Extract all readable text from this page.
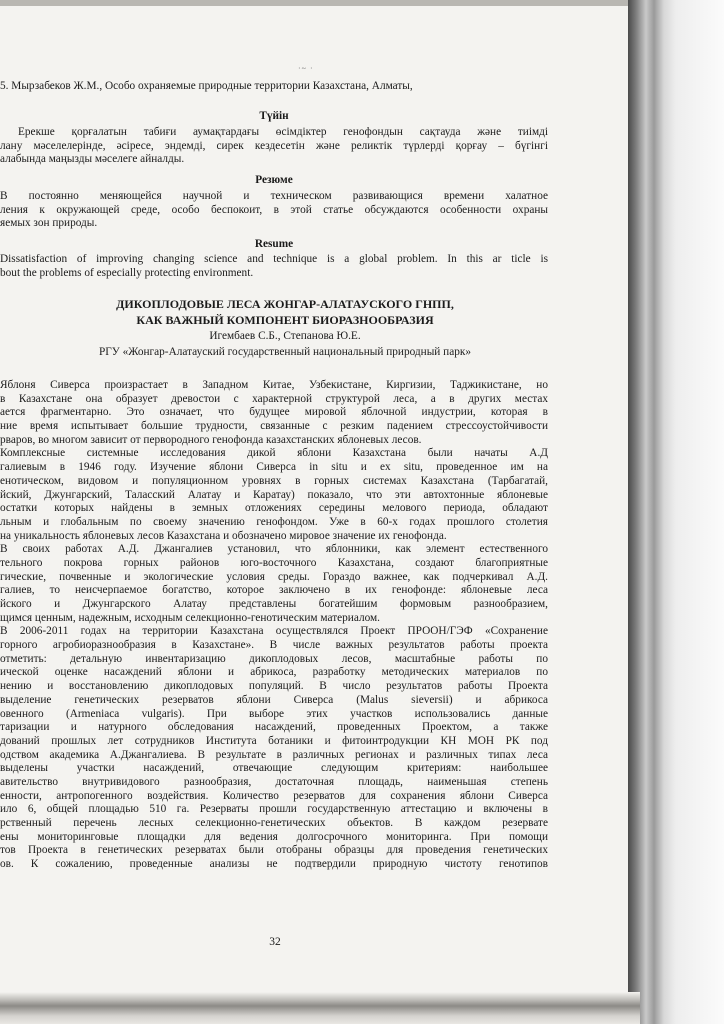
·~ ·
5. Мырзабеков Ж.М., Особо охраняемые природные территории Казахстана, Алматы,
Түйін
Ерекше қорғалатын табиғи аумақтардағы өсімдіктер генофондын сақтауда және тиімді
лану мәселелерінде, әсіресе, эндемді, сирек кездесетін және реликтік түрлерді қорғау – бүгінгі
алабында маңызды мәселеге айналды.
Резюме
В постоянно меняющейся научной и техническом развивающися времени халатное
ления к окружающей среде, особо беспокоит, в этой статье обсуждаются особенности охраны
яемых зон природы.
Resume
Dissatisfaction of improving changing science and technique is a global problem. In this ar ticle is
bout the problems of especially protecting environment.
ДИКОПЛОДОВЫЕ ЛЕСА ЖОНГАР-АЛАТАУСКОГО ГНПП,
КАК ВАЖНЫЙ КОМПОНЕНТ БИОРАЗНООБРАЗИЯ
Игембаев С.Б., Степанова Ю.Е.
РГУ «Жонгар-Алатауский государственный национальный природный парк»
Яблоня Сиверса произрастает в Западном Китае, Узбекистане, Киргизии, Таджикистане, но
в Казахстане она образует древостои с характерной структурой леса, а в других местах
ается фрагментарно. Это означает, что будущее мировой яблочной индустрии, которая в
ние время испытывает большие трудности, связанные с резким падением стрессоустойчивости
рваров, во многом зависит от первородного генофонда казахстанских яблоневых лесов.
Комплексные системные исследования дикой яблони Казахстана были начаты А.Д
галиевым в 1946 году. Изучение яблони Сиверса in situ и ex situ, проведенное им на
енотическом, видовом и популяционном уровнях в горных системах Казахстана (Тарбагатай,
йский, Джунгарский, Таласский Алатау и Каратау) показало, что эти автохтонные яблоневые
остатки которых найдены в земных отложениях середины мелового периода, обладают
льным и глобальным по своему значению генофондом. Уже в 60-х годах прошлого столетия
на уникальность яблоневых лесов Казахстана и обозначено мировое значение их генофонда.
В своих работах А.Д. Джангалиев установил, что яблонники, как элемент естественного
тельного покрова горных районов юго-восточного Казахстана, создают благоприятные
гические, почвенные и экологические условия среды. Гораздо важнее, как подчеркивал А.Д.
галиев, то неисчерпаемое богатство, которое заключено в их генофонде: яблоневые леса
йского и Джунгарского Алатау представлены богатейшим формовым разнообразием,
щимся ценным, надежным, исходным селекционно-генотическим материалом.
В 2006-2011 годах на территории Казахстана осуществлялся Проект ПРООН/ГЭФ «Сохранение
горного агробиоразнообразия в Казахстане». В числе важных результатов работы проекта
отметить: детальную инвентаризацию дикоплодовых лесов, масштабные работы по
ической оценке насаждений яблони и абрикоса, разработку методических материалов по
нению и восстановлению дикоплодовых популяций. В число результатов работы Проекта
выделение генетических резерватов яблони Сиверса (Malus sieversii) и абрикоса
овенного (Armeniaca vulgaris). При выборе этих участков использовались данные
таризации и натурного обследования насаждений, проведенных Проектом, а также
дований прошлых лет сотрудников Института ботаники и фитоинтродукции КН МОН РК под
одством академика А.Джангалиева. В результате в различных регионах и различных типах леса
выделены участки насаждений, отвечающие следующим критериям: наибольшее
авительство внутривидового разнообразия, достаточная площадь, наименьшая степень
енности, антропогенного воздействия. Количество резерватов для сохранения яблони Сиверса
ило 6, общей площадью 510 га. Резерваты прошли государственную аттестацию и включены в
рственный перечень лесных селекционно-генетических объектов. В каждом резервате
ены мониторинговые площадки для ведения долгосрочного мониторинга. При помощи
тов Проекта в генетических резерватах были отобраны образцы для проведения генетических
ов. К сожалению, проведенные анализы не подтвердили природную чистоту генотипов
32
